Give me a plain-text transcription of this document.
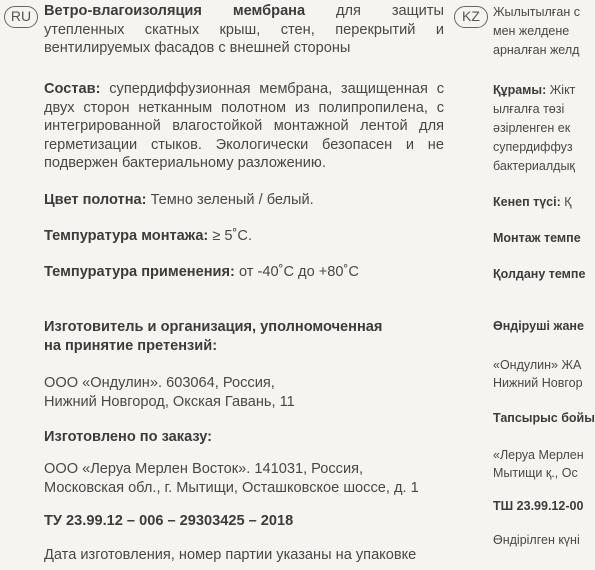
RU Ветро-влагоизоляция мембрана для защиты
утепленных скатных крыш, стен, перекрытий и
вентилируемых фасадов с внешней стороны
Состав: супердиффузионная мембрана, защищенная с
двух сторон нетканным полотном из полипропилена, с
интегрированной влагостойкой монтажной лентой для
герметизации стыков. Экологически безопасен и не
подвержен бактериальному разложению.
Цвет полотна: Темно зеленый / белый.
Темпуратура монтажа: ≥ 5˚С.
Темпуратура применения: от -40˚С до +80˚С
Изготовитель и организация, уполномоченная
на принятие претензий:
ООО «Ондулин». 603064, Россия,
Нижний Новгород, Окская Гавань, 11
Изготовлено по заказу:
ООО «Леруа Мерлен Восток». 141031, Россия,
Московская обл., г. Мытищи, Осташковское шоссе, д. 1
ТУ 23.99.12 – 006 – 29303425 – 2018
Дата изготовления, номер партии указаны на упаковке
KZ	Жылытылған с
мен желдене
арналған желд
Құрамы: Жікт
ылғалға төзі
әзірленген ек
супердиффуз
бактериалдық
Кенеп түсі: Қ
Монтаж темпе
Қолдану темпе
Өндіруші жане
«Ондулин» ЖА
Нижний Новгор
Тапсырыс бойы
«Леруа Мерлен
Мытищи қ., Ос
ТШ 23.99.12-00
Өндірілген күні
